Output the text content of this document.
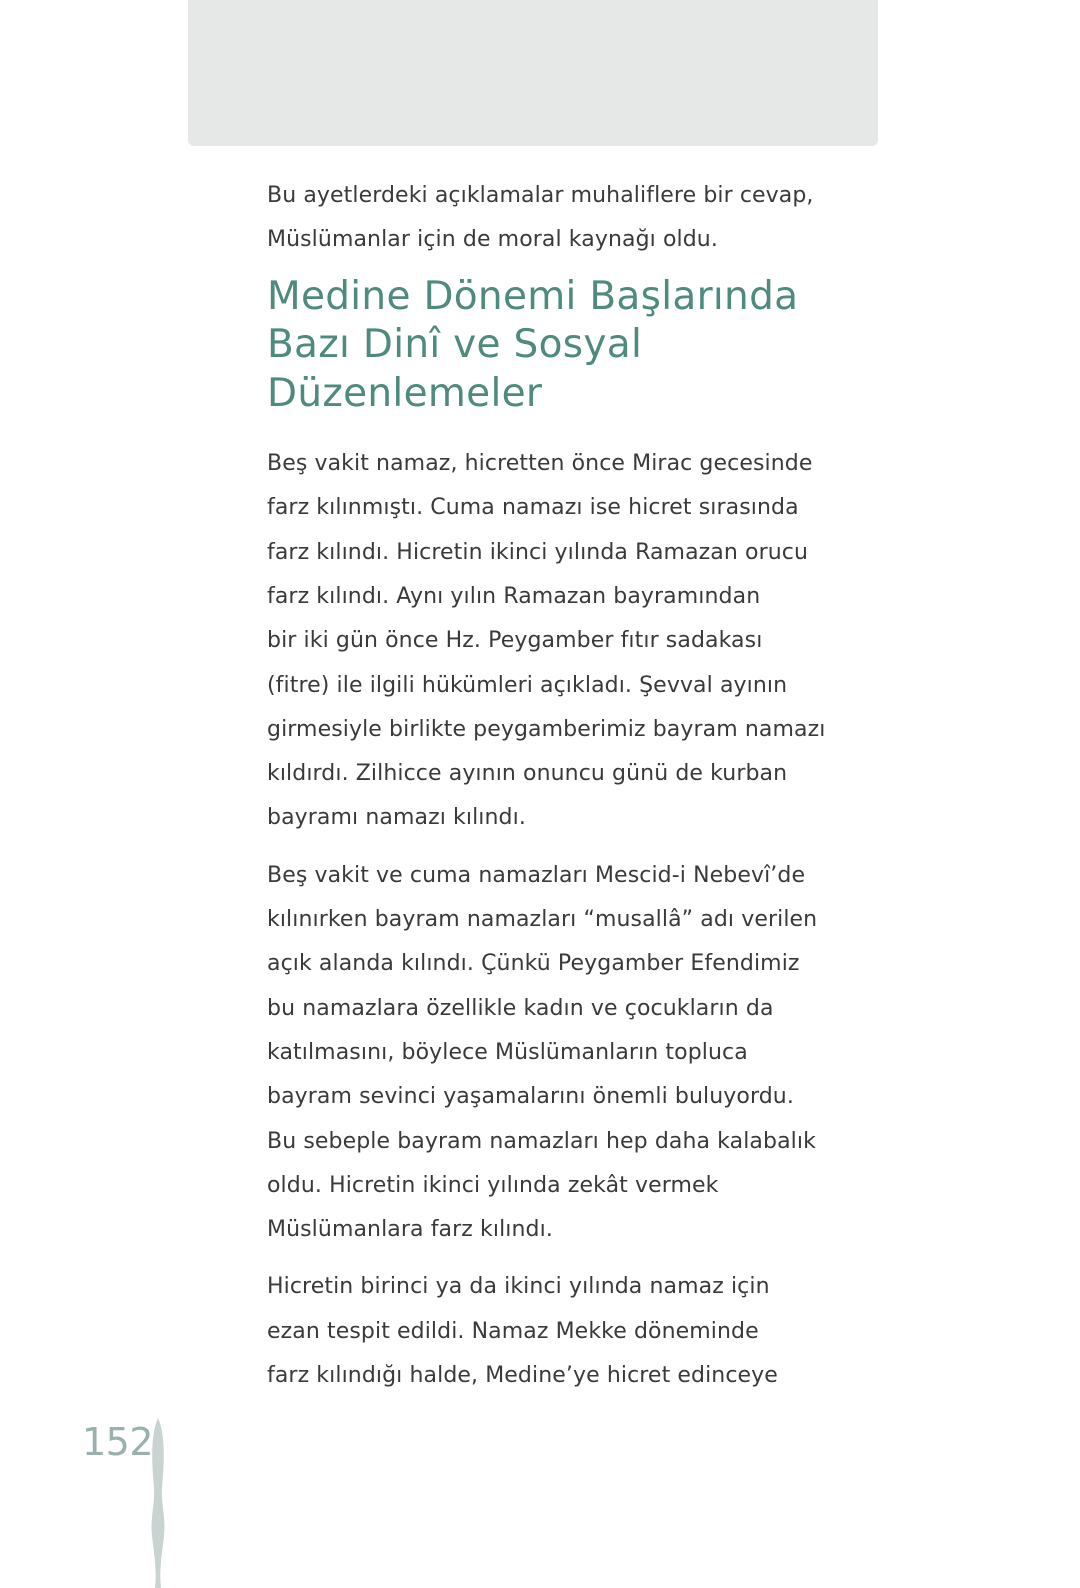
Bu ayetlerdeki açıklamalar muhaliflere bir cevap,
Müslümanlar için de moral kaynağı oldu.

Medine Dönemi Başlarında
Bazı Dinî ve Sosyal
Düzenlemeler

Beş vakit namaz, hicretten önce Mirac gecesinde
farz kılınmıştı. Cuma namazı ise hicret sırasında
farz kılındı. Hicretin ikinci yılında Ramazan orucu
farz kılındı. Aynı yılın Ramazan bayramından
bir iki gün önce Hz. Peygamber fıtır sadakası
(fitre) ile ilgili hükümleri açıkladı. Şevval ayının
girmesiyle birlikte peygamberimiz bayram namazı
kıldırdı. Zilhicce ayının onuncu günü de kurban
bayramı namazı kılındı.

Beş vakit ve cuma namazları Mescid-i Nebevî’de
kılınırken bayram namazları “musallâ” adı verilen
açık alanda kılındı. Çünkü Peygamber Efendimiz
bu namazlara özellikle kadın ve çocukların da
katılmasını, böylece Müslümanların topluca
bayram sevinci yaşamalarını önemli buluyordu.
Bu sebeple bayram namazları hep daha kalabalık
oldu. Hicretin ikinci yılında zekât vermek
Müslümanlara farz kılındı.

Hicretin birinci ya da ikinci yılında namaz için
ezan tespit edildi. Namaz Mekke döneminde
farz kılındığı halde, Medine’ye hicret edinceye

152
